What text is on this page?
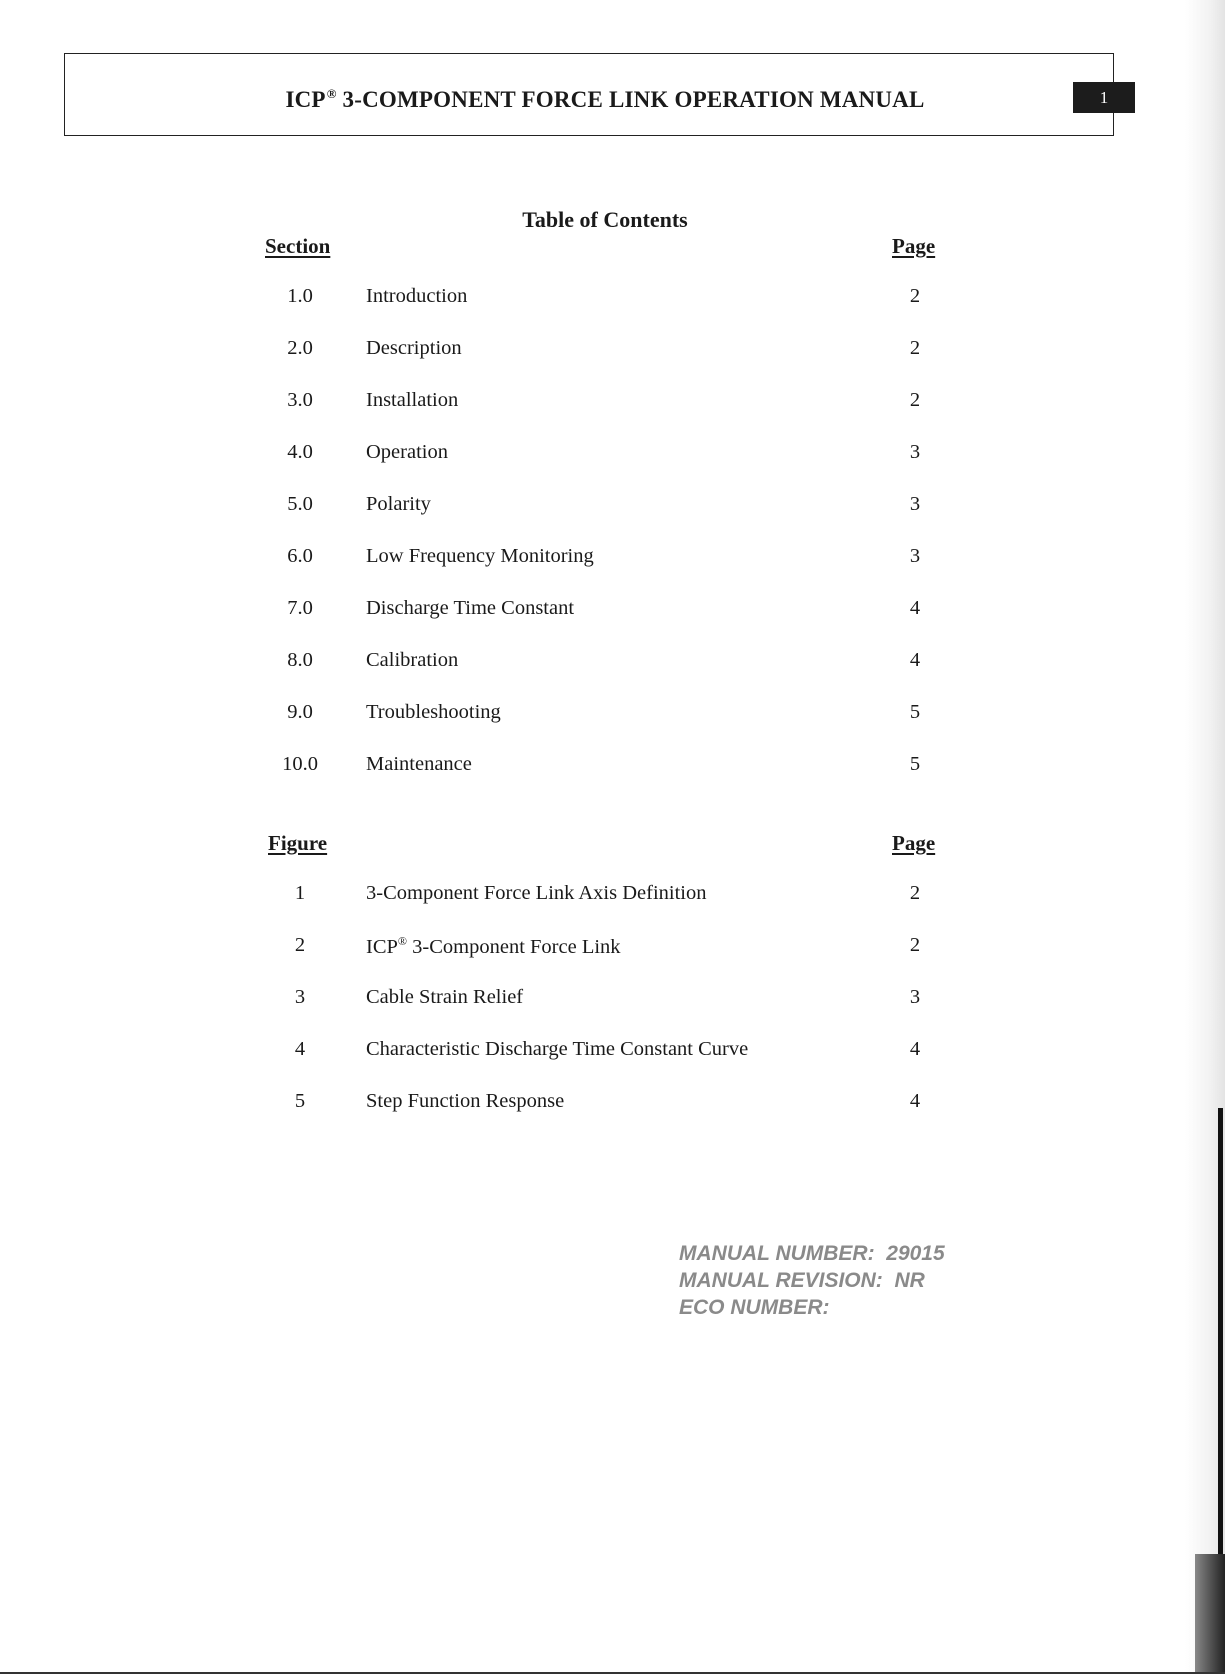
ICP® 3-COMPONENT FORCE LINK OPERATION MANUAL	1
Table of Contents
Section	Page
1.0	Introduction	2
2.0	Description	2
3.0	Installation	2
4.0	Operation	3
5.0	Polarity	3
6.0	Low Frequency Monitoring	3
7.0	Discharge Time Constant	4
8.0	Calibration	4
9.0	Troubleshooting	5
10.0	Maintenance	5
Figure	Page
1	3-Component Force Link Axis Definition	2
2	ICP® 3-Component Force Link	2
3	Cable Strain Relief	3
4	Characteristic Discharge Time Constant Curve	4
5	Step Function Response	4
MANUAL NUMBER:  29015
MANUAL REVISION:  NR
ECO NUMBER:
